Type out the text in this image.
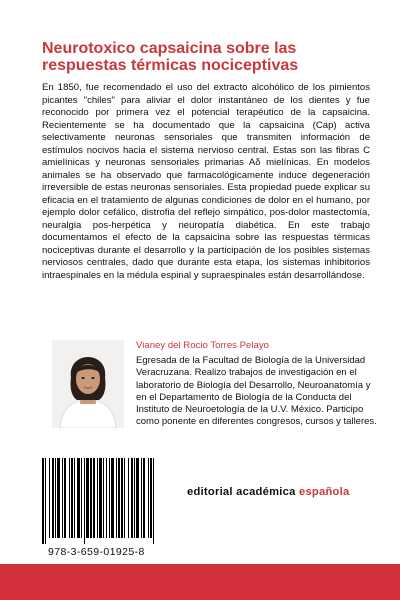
Neurotoxico capsaicina sobre las respuestas térmicas nociceptivas
En 1850, fue recomendado el uso del extracto alcohólico de los pimientos picantes "chiles" para aliviar el dolor instantáneo de los dientes y fue reconocido por primera vez el potencial terapéutico de la capsaicina. Recientemente se ha documentado que la capsaicina (Cap) activa selectivamente neuronas sensoriales que transmiten información de estímulos nocivos hacia el sistema nervioso central. Estas son las fibras C amielínicas y neuronas sensoriales primarias Aδ mielínicas. En modelos animales se ha observado que farmacológicamente induce degeneración irreversible de estas neuronas sensoriales. Esta propiedad puede explicar su eficacia en el tratamiento de algunas condiciones de dolor en el humano, por ejemplo dolor cefálico, distrofia del reflejo simpático, pos-dolor mastectomía, neuralgia pos-herpética y neuropatía diabética. En este trabajo documentamos el efecto de la capsaicina sobre las respuestas térmicas nociceptivas durante el desarrollo y la participación de los posibles sistemas nerviosos centrales, dado que durante esta etapa, los sistemas inhibitorios intraespinales en la médula espinal y supraespinales están desarrollándose.
Vianey del Rocio Torres Pelayo
Egresada de la Facultad de Biología de la Universidad Veracruzana. Realizo trabajos de investigación en el laboratorio de Biología del Desarrollo, Neuroanatomía y en el Departamento de Biología de la Conducta del Instituto de Neuroetología de la U.V. México. Participo como ponente en diferentes congresos, cursos y talleres.
978-3-659-01925-8
editorial académica española
